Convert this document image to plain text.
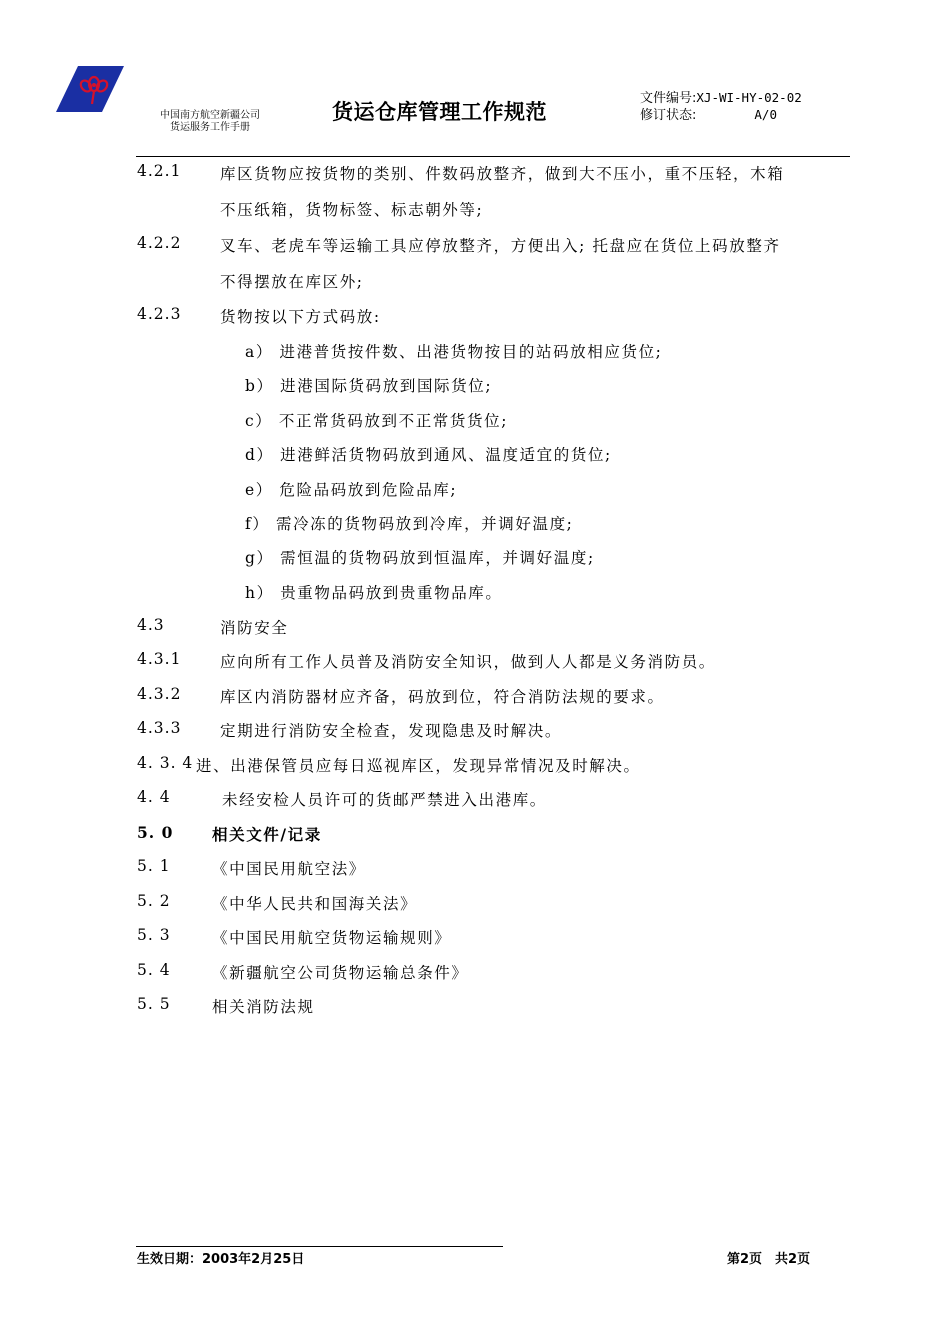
中国南方航空新疆公司
货运服务工作手册
货运仓库管理工作规范
文件编号:XJ-WI-HY-02-02
修订状态:	A/0
4.2.1 库区货物应按货物的类别、件数码放整齐，做到大不压小，重不压轻，木箱
不压纸箱，货物标签、标志朝外等;
4.2.2 叉车、老虎车等运输工具应停放整齐，方便出入; 托盘应在货位上码放整齐
不得摆放在库区外;
4.2.3 货物按以下方式码放:
a） 进港普货按件数、出港货物按目的站码放相应货位;
b） 进港国际货码放到国际货位;
c） 不正常货码放到不正常货货位;
d） 进港鲜活货物码放到通风、温度适宜的货位;
e） 危险品码放到危险品库;
f） 需冷冻的货物码放到冷库，并调好温度;
g） 需恒温的货物码放到恒温库，并调好温度;
h） 贵重物品码放到贵重物品库。
4.3	消防安全
4.3.1 应向所有工作人员普及消防安全知识，做到人人都是义务消防员。
4.3.2 库区内消防器材应齐备，码放到位，符合消防法规的要求。
4.3.3 定期进行消防安全检查，发现隐患及时解决。
4. 3. 4 进、出港保管员应每日巡视库区，发现异常情况及时解决。
4. 4	未经安检人员许可的货邮严禁进入出港库。
5. 0 相关文件/记录
5. 1	《中国民用航空法》
5. 2	《中华人民共和国海关法》
5. 3	《中国民用航空货物运输规则》
5. 4	《新疆航空公司货物运输总条件》
5. 5	相关消防法规
生效日期：2003年2月25日	第2页　共2页
